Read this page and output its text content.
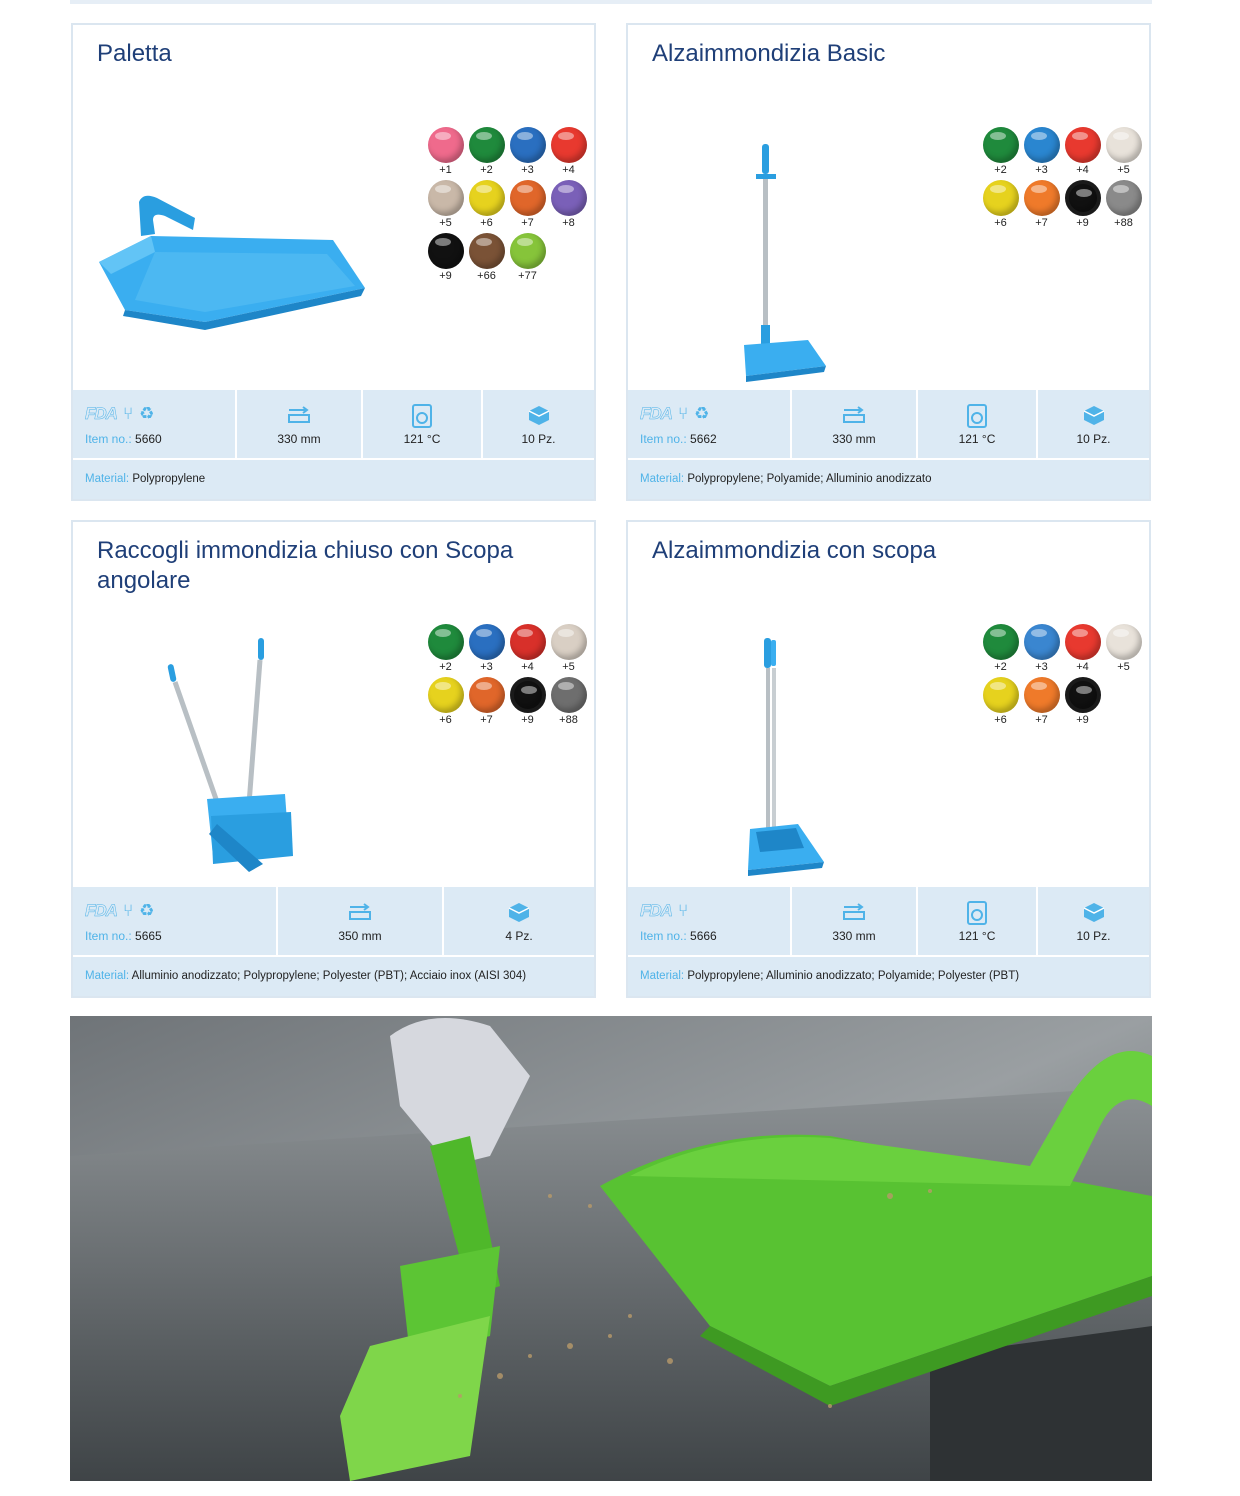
Paletta
+1	+2	+3	+4
+5	+6	+7	+8
+9	+66	+77
FDA ⑂ ♻
Item no.: 5660	330 mm	121 °C	10 Pz.
Material: Polypropylene
Alzaimmondizia Basic
+2	+3	+4	+5
+6	+7	+9	+88
FDA ⑂ ♻
Item no.: 5662	330 mm	121 °C	10 Pz.
Material: Polypropylene; Polyamide; Alluminio anodizzato
Raccogli immondizia chiuso con Scopa angolare
+2	+3	+4	+5
+6	+7	+9	+88
FDA ⑂ ♻
Item no.: 5665	350 mm	4 Pz.
Material: Alluminio anodizzato; Polypropylene; Polyester (PBT); Acciaio inox (AISI 304)
Alzaimmondizia con scopa
+2	+3	+4	+5
+6	+7	+9
FDA ⑂
Item no.: 5666	330 mm	121 °C	10 Pz.
Material: Polypropylene; Alluminio anodizzato; Polyamide; Polyester (PBT)
